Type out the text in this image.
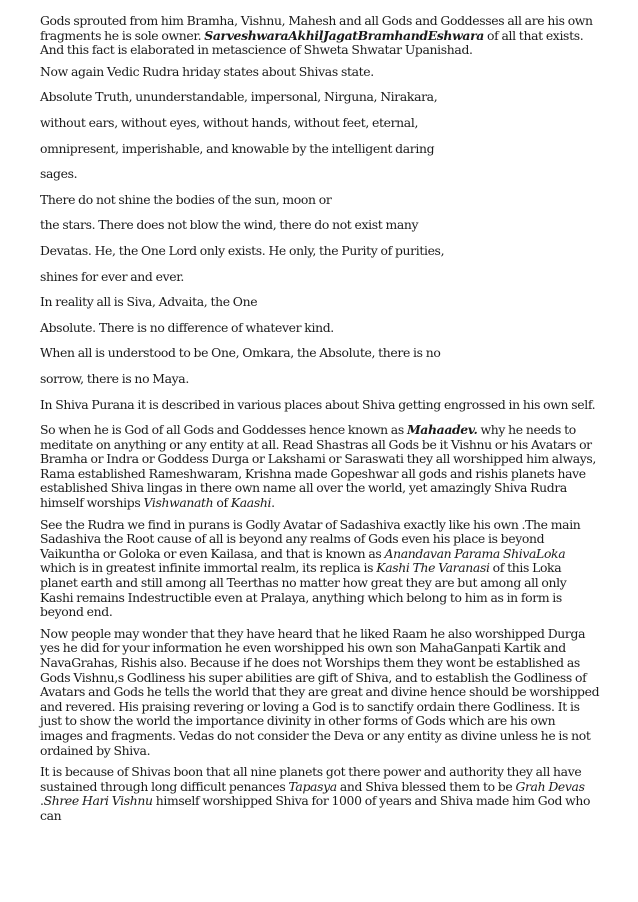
Gods sprouted from him Bramha, Vishnu, Mahesh and all Gods and Goddesses all are his own fragments he is sole owner. SarveshwaraAkhilJagatBramhandEshwara of all that exists. And this fact is elaborated in metascience of Shweta Shwatar Upanishad.

Now again Vedic Rudra hriday states about Shivas state.

Absolute Truth, ununderstandable, impersonal, Nirguna, Nirakara,

without ears, without eyes, without hands, without feet, eternal,

omnipresent, imperishable, and knowable by the intelligent daring

sages.

There do not shine the bodies of the sun, moon or

the stars. There does not blow the wind, there do not exist many

Devatas. He, the One Lord only exists. He only, the Purity of purities,

shines for ever and ever.

In reality all is Siva, Advaita, the One

Absolute. There is no difference of whatever kind.

When all is understood to be One, Omkara, the Absolute, there is no

sorrow, there is no Maya.

In Shiva Purana it is described in various places about Shiva getting engrossed in his own self.

So when he is God of all Gods and Goddesses hence known as Mahaadev. why he needs to meditate on anything or any entity at all. Read Shastras all Gods be it Vishnu or his Avatars or Bramha or Indra or Goddess Durga or Lakshami or Saraswati they all worshipped him always, Rama established Rameshwaram, Krishna made Gopeshwar all gods and rishis planets have established Shiva lingas in there own name all over the world, yet amazingly Shiva Rudra himself worships Vishwanath of Kaashi.

See the Rudra we find in purans is Godly Avatar of Sadashiva exactly like his own .The main Sadashiva the Root cause of all is beyond any realms of Gods even his place is beyond Vaikuntha or Goloka or even Kailasa, and that is known as Anandavan Parama ShivaLoka which is in greatest infinite immortal realm, its replica is Kashi The Varanasi of this Loka planet earth and still among all Teerthas no matter how great they are but among all only Kashi remains Indestructible even at Pralaya, anything which belong to him as in form is beyond end.

Now people may wonder that they have heard that he liked Raam he also worshipped Durga yes he did for your information he even worshipped his own son MahaGanpati Kartik and NavaGrahas, Rishis also. Because if he does not Worships them they wont be established as Gods Vishnu,s Godliness his super abilities are gift of Shiva, and to establish the Godliness of Avatars and Gods he tells the world that they are great and divine hence should be worshipped and revered. His praising revering or loving a God is to sanctify ordain there Godliness. It is just to show the world the importance divinity in other forms of Gods which are his own images and fragments. Vedas do not consider the Deva or any entity as divine unless he is not ordained by Shiva.

It is because of Shivas boon that all nine planets got there power and authority they all have sustained through long difficult penances Tapasya and Shiva blessed them to be Grah Devas .Shree Hari Vishnu himself worshipped Shiva for 1000 of years and Shiva made him God who can
